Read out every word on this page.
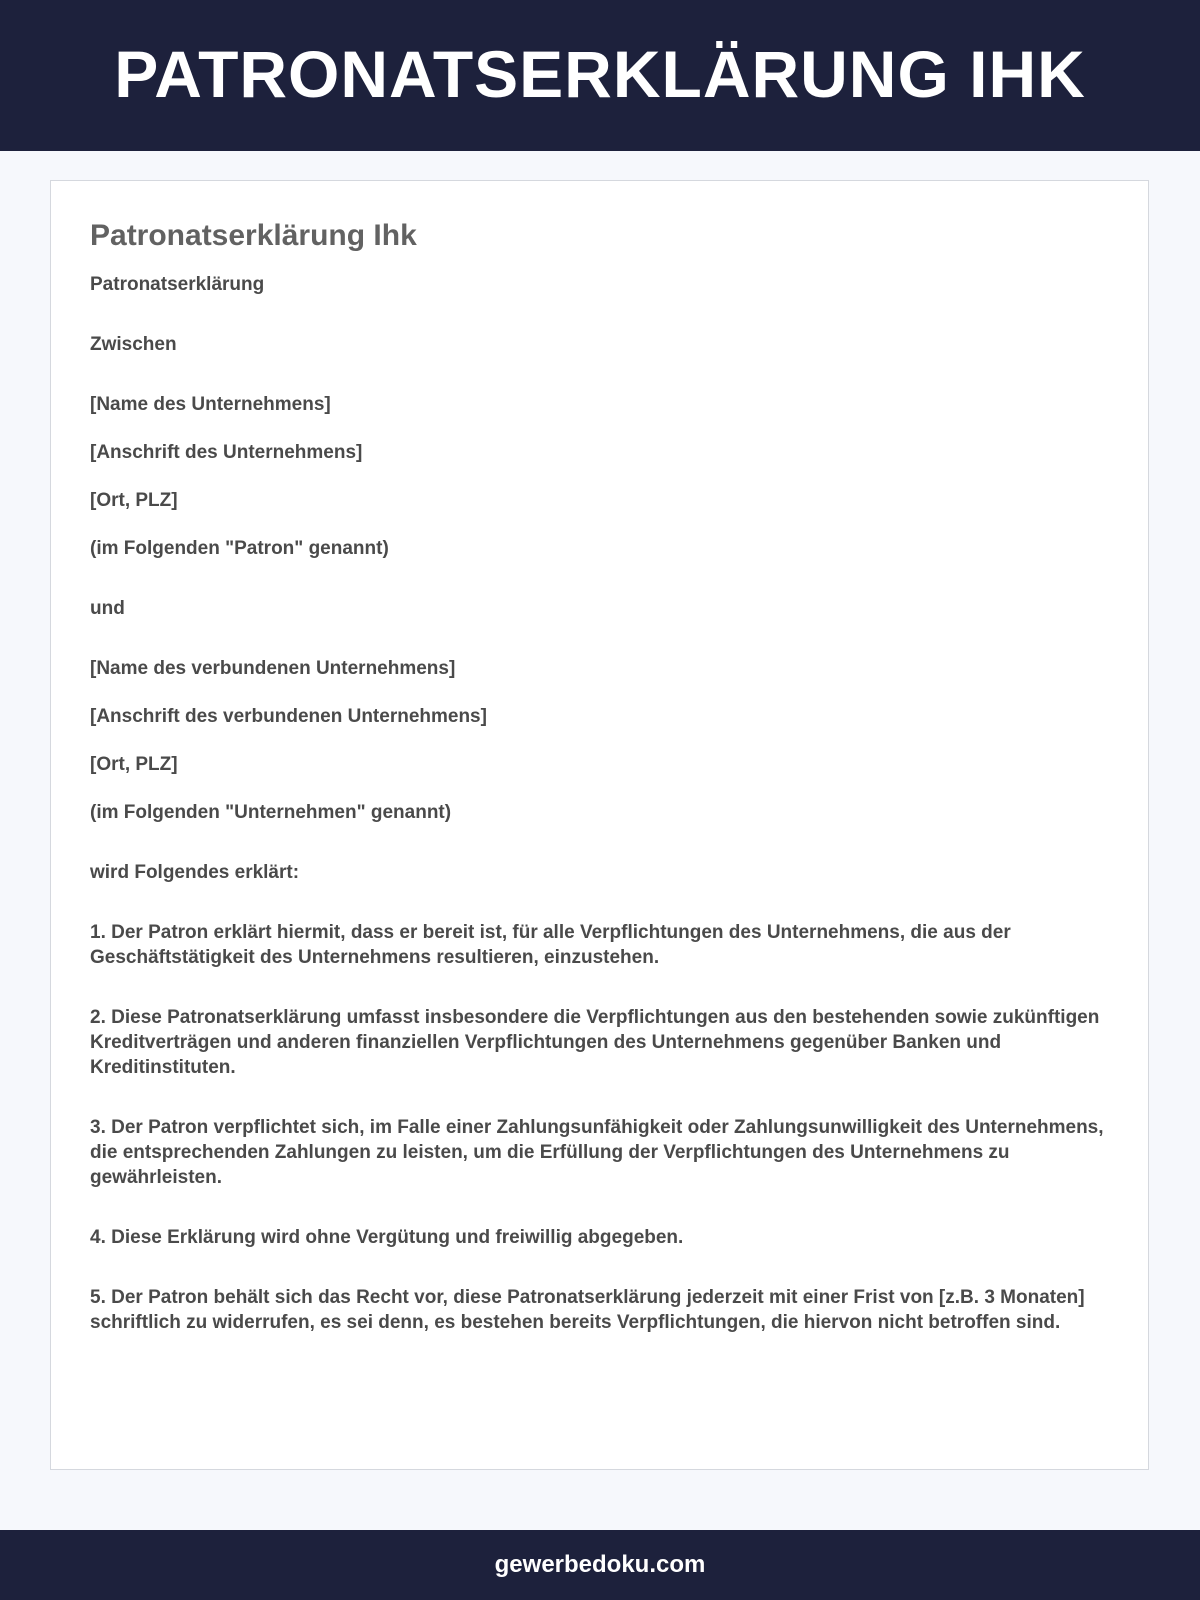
PATRONATSERKLÄRUNG IHK
Patronatserklärung Ihk

Patronatserklärung

Zwischen

[Name des Unternehmens]

[Anschrift des Unternehmens]

[Ort, PLZ]

(im Folgenden "Patron" genannt)

und

[Name des verbundenen Unternehmens]

[Anschrift des verbundenen Unternehmens]

[Ort, PLZ]

(im Folgenden "Unternehmen" genannt)

wird Folgendes erklärt:

1. Der Patron erklärt hiermit, dass er bereit ist, für alle Verpflichtungen des Unternehmens, die aus der Geschäftstätigkeit des Unternehmens resultieren, einzustehen.

2. Diese Patronatserklärung umfasst insbesondere die Verpflichtungen aus den bestehenden sowie zukünftigen Kreditverträgen und anderen finanziellen Verpflichtungen des Unternehmens gegenüber Banken und Kreditinstituten.

3. Der Patron verpflichtet sich, im Falle einer Zahlungsunfähigkeit oder Zahlungsunwilligkeit des Unternehmens, die entsprechenden Zahlungen zu leisten, um die Erfüllung der Verpflichtungen des Unternehmens zu gewährleisten.

4. Diese Erklärung wird ohne Vergütung und freiwillig abgegeben.

5. Der Patron behält sich das Recht vor, diese Patronatserklärung jederzeit mit einer Frist von [z.B. 3 Monaten] schriftlich zu widerrufen, es sei denn, es bestehen bereits Verpflichtungen, die hiervon nicht betroffen sind.

gewerbedoku.com
